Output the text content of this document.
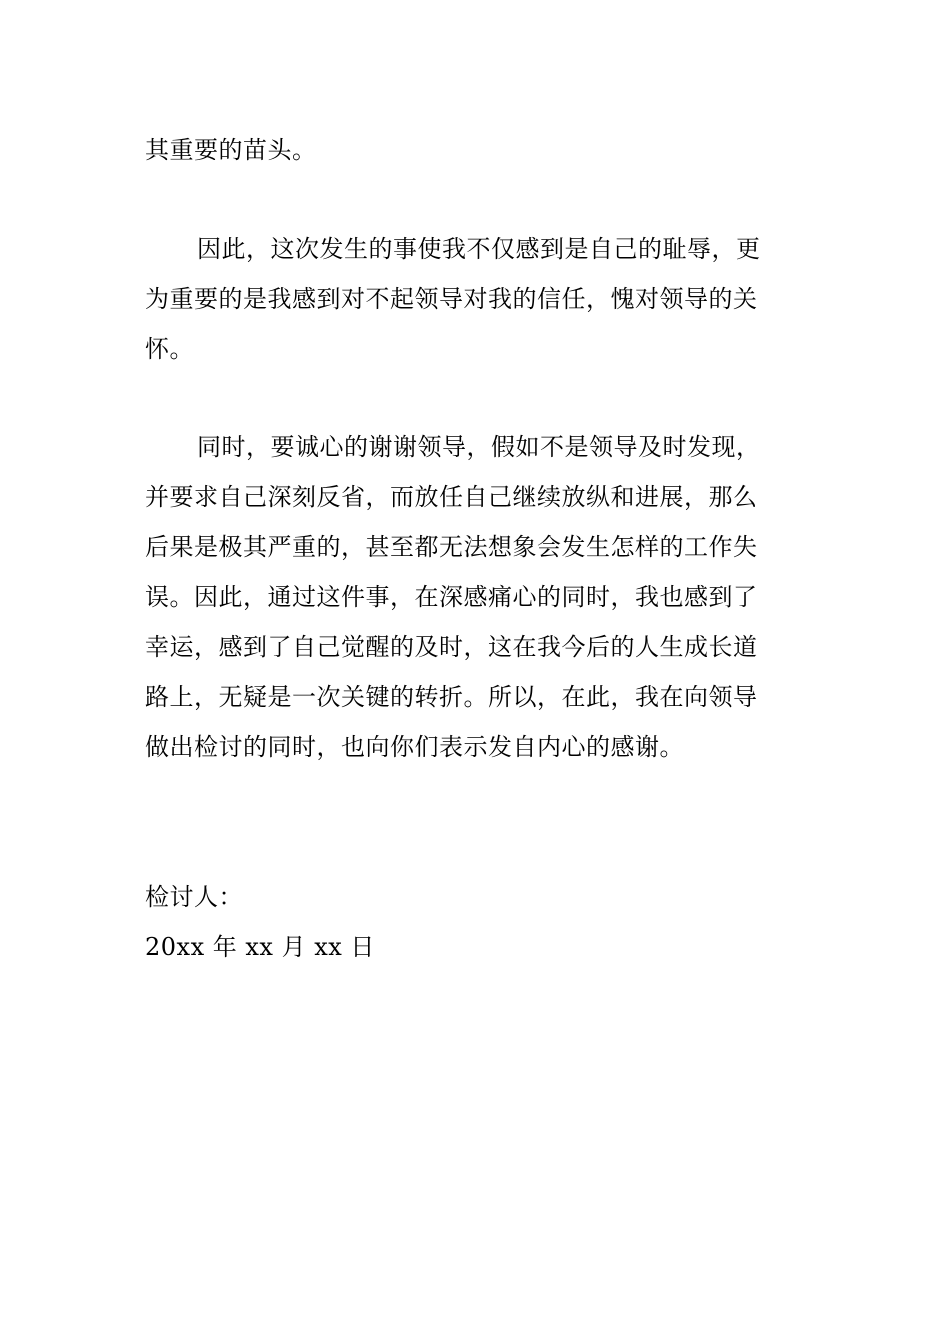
其重要的苗头。
因此，这次发生的事使我不仅感到是自己的耻辱，更
为重要的是我感到对不起领导对我的信任，愧对领导的关
怀。
同时，要诚心的谢谢领导，假如不是领导及时发现，
并要求自己深刻反省，而放任自己继续放纵和进展，那么
后果是极其严重的，甚至都无法想象会发生怎样的工作失
误。因此，通过这件事，在深感痛心的同时，我也感到了
幸运，感到了自己觉醒的及时，这在我今后的人生成长道
路上，无疑是一次关键的转折。所以，在此，我在向领导
做出检讨的同时，也向你们表示发自内心的感谢。
检讨人：
20xx 年 xx 月 xx 日
